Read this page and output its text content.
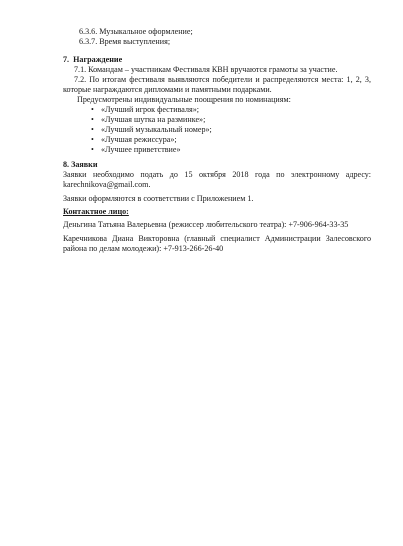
6.3.6. Музыкальное оформление;
6.3.7. Время выступления;
7. Награждение
7.1. Командам – участникам Фестиваля КВН вручаются грамоты за участие.
7.2. По итогам фестиваля выявляются победители и распределяются места: 1, 2, 3,
которые награждаются дипломами и памятными подарками.
Предусмотрены индивидуальные поощрения по номинациям:
• «Лучший игрок фестиваля»;
• «Лучшая шутка на разминке»;
• «Лучший музыкальный номер»;
• «Лучшая режиссура»;
• «Лучшее приветствие»
8. Заявки
Заявки необходимо подать до 15 октября 2018 года по электронному адресу:
karechnikova@gmail.com.
Заявки оформляются в соответствии с Приложением 1.
Контактное лицо:
Деньгина Татьяна Валерьевна (режиссер любительского театра): +7-906-964-33-35
Каречникова Диана Викторовна (главный специалист Администрации Залесовского
района по делам молодежи): +7-913-266-26-40
